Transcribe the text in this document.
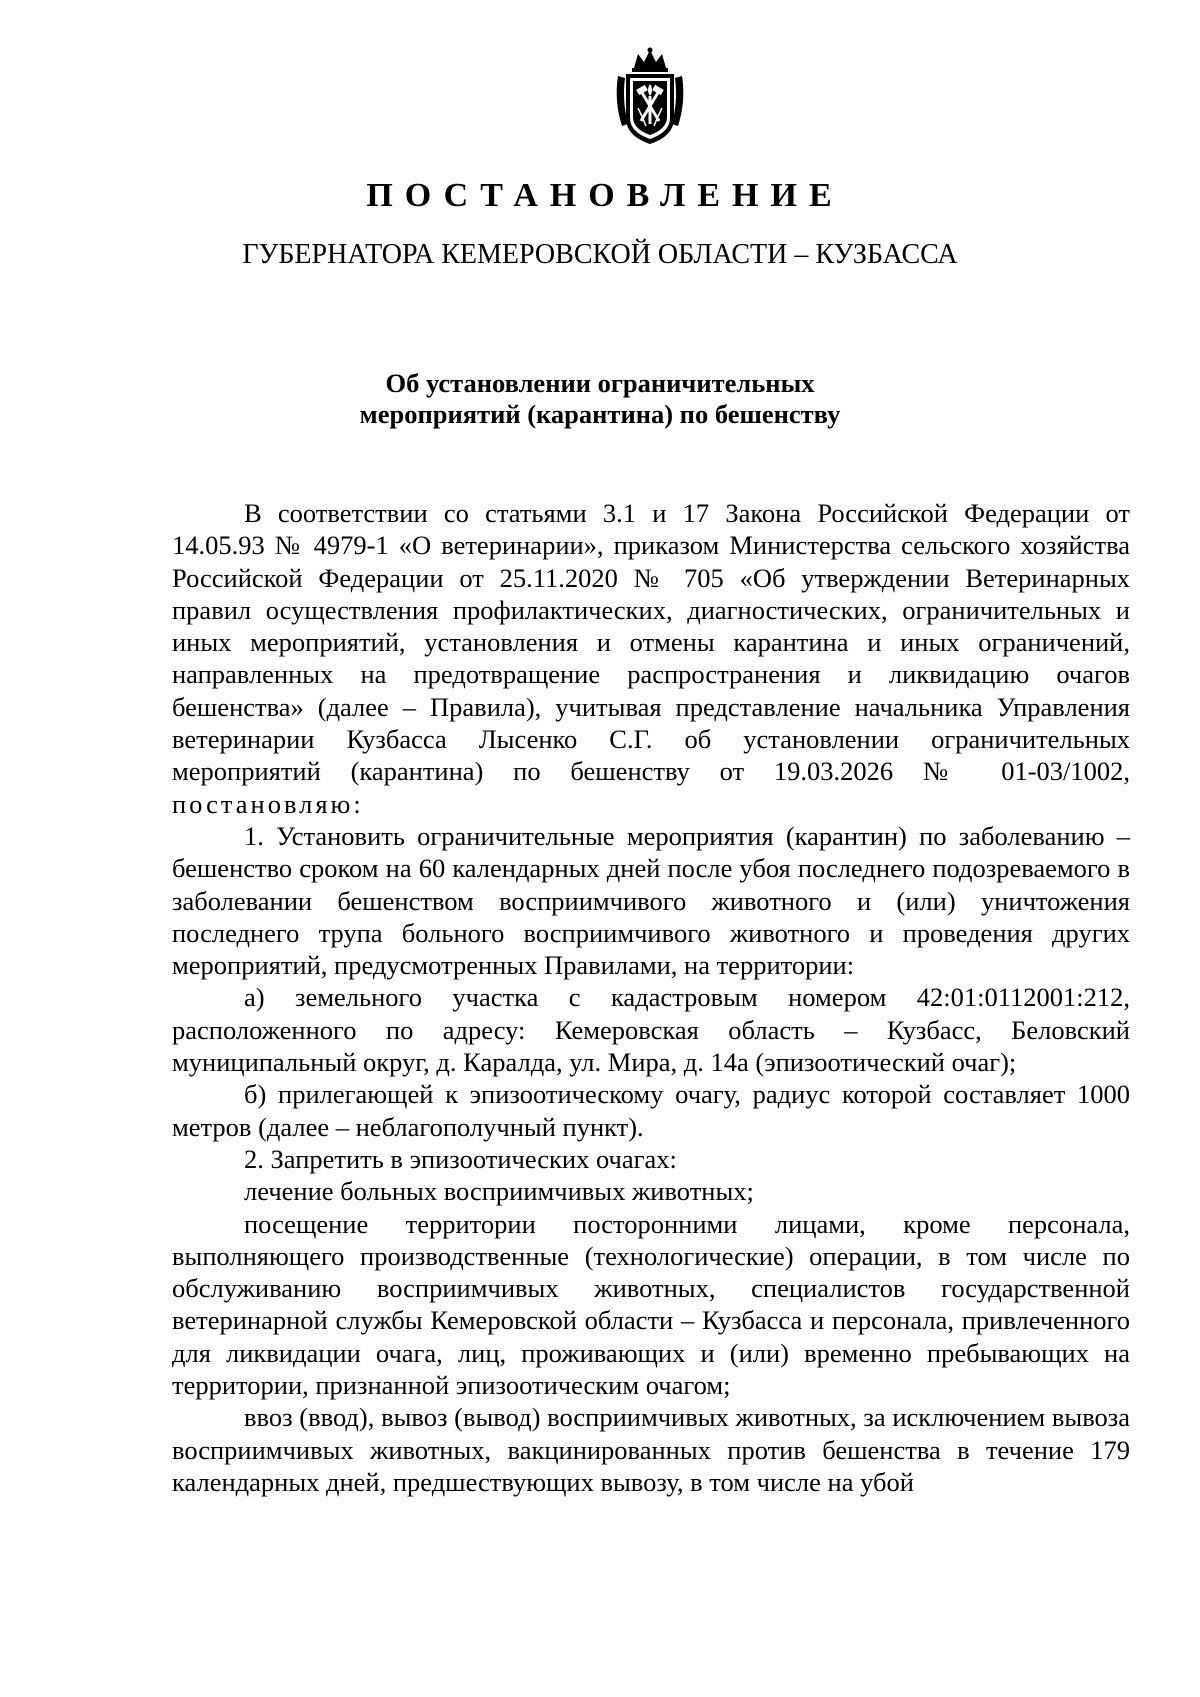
ПОСТАНОВЛЕНИЕ
ГУБЕРНАТОРА КЕМЕРОВСКОЙ ОБЛАСТИ – КУЗБАССА
Об установлении ограничительных
мероприятий (карантина) по бешенству

В соответствии со статьями 3.1 и 17 Закона Российской Федерации от 14.05.93 № 4979-1 «О ветеринарии», приказом Министерства сельского хозяйства Российской Федерации от 25.11.2020 № 705 «Об утверждении Ветеринарных правил осуществления профилактических, диагностических, ограничительных и иных мероприятий, установления и отмены карантина и иных ограничений, направленных на предотвращение распространения и ликвидацию очагов бешенства» (далее – Правила), учитывая представление начальника Управления ветеринарии Кузбасса Лысенко С.Г. об установлении ограничительных мероприятий (карантина) по бешенству от 19.03.2026 № 01-03/1002, постановляю:

1. Установить ограничительные мероприятия (карантин) по заболеванию – бешенство сроком на 60 календарных дней после убоя последнего подозреваемого в заболевании бешенством восприимчивого животного и (или) уничтожения последнего трупа больного восприимчивого животного и проведения других мероприятий, предусмотренных Правилами, на территории:

а) земельного участка с кадастровым номером 42:01:0112001:212, расположенного по адресу: Кемеровская область – Кузбасс, Беловский муниципальный округ, д. Каралда, ул. Мира, д. 14а (эпизоотический очаг);

б) прилегающей к эпизоотическому очагу, радиус которой составляет 1000 метров (далее – неблагополучный пункт).

2. Запретить в эпизоотических очагах:

лечение больных восприимчивых животных;

посещение территории посторонними лицами, кроме персонала, выполняющего производственные (технологические) операции, в том числе по обслуживанию восприимчивых животных, специалистов государственной ветеринарной службы Кемеровской области – Кузбасса и персонала, привлеченного для ликвидации очага, лиц, проживающих и (или) временно пребывающих на территории, признанной эпизоотическим очагом;

ввоз (ввод), вывоз (вывод) восприимчивых животных, за исключением вывоза восприимчивых животных, вакцинированных против бешенства в течение 179 календарных дней, предшествующих вывозу, в том числе на убой
